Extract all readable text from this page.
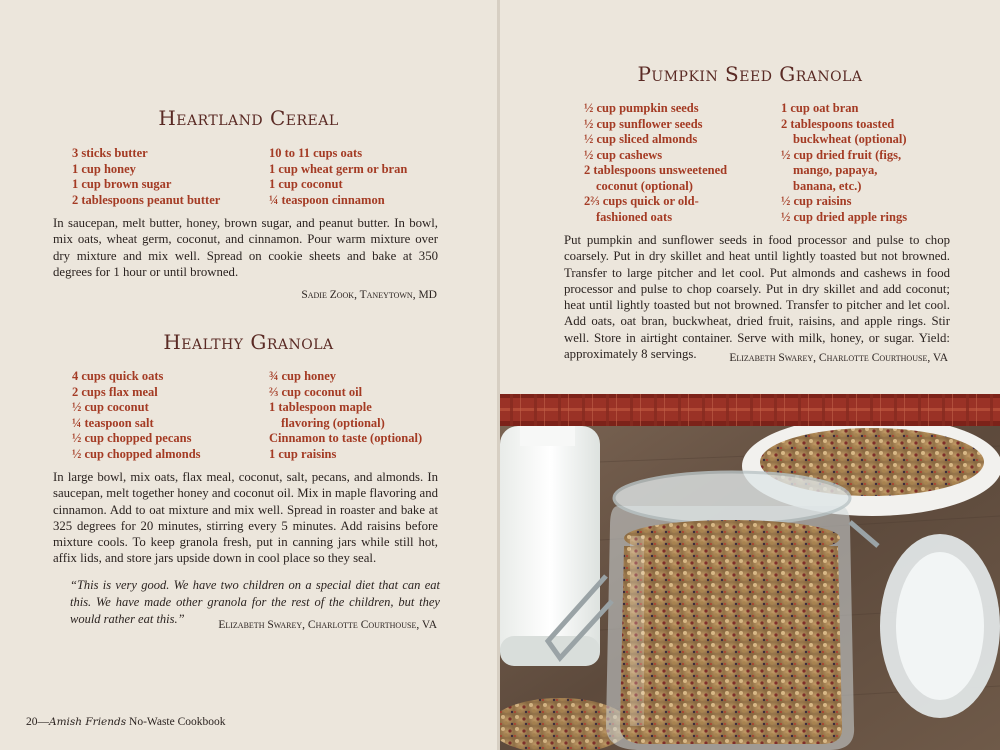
Heartland Cereal
3 sticks butter
1 cup honey
1 cup brown sugar
2 tablespoons peanut butter
10 to 11 cups oats
1 cup wheat germ or bran
1 cup coconut
¼ teaspoon cinnamon

In saucepan, melt butter, honey, brown sugar, and peanut butter. In bowl, mix oats, wheat germ, coconut, and cinnamon. Pour warm mixture over dry mixture and mix well. Spread on cookie sheets and bake at 350 degrees for 1 hour or until browned.

Sadie Zook, Taneytown, MD

Healthy Granola
4 cups quick oats
2 cups flax meal
½ cup coconut
¼ teaspoon salt
½ cup chopped pecans
½ cup chopped almonds
¾ cup honey
⅔ cup coconut oil
1 tablespoon maple
flavoring (optional)
Cinnamon to taste (optional)
1 cup raisins

In large bowl, mix oats, flax meal, coconut, salt, pecans, and almonds. In saucepan, melt together honey and coconut oil. Mix in maple flavoring and cinnamon. Add to oat mixture and mix well. Spread in roaster and bake at 325 degrees for 20 minutes, stirring every 5 minutes. Add raisins before mixture cools. To keep granola fresh, put in canning jars while still hot, affix lids, and store jars upside down in cool place so they seal.

“This is very good. We have two children on a special diet that can eat this. We have made other granola for the rest of the children, but they would rather eat this.”	Elizabeth Swarey, Charlotte Courthouse, VA

20—Amish Friends No-Waste Cookbook

Pumpkin Seed Granola
½ cup pumpkin seeds
½ cup sunflower seeds
½ cup sliced almonds
½ cup cashews
2 tablespoons unsweetened
coconut (optional)
2⅔ cups quick or old-
fashioned oats
1 cup oat bran
2 tablespoons toasted
buckwheat (optional)
½ cup dried fruit (figs,
mango, papaya,
banana, etc.)
½ cup raisins
½ cup dried apple rings

Put pumpkin and sunflower seeds in food processor and pulse to chop coarsely. Put in dry skillet and heat until lightly toasted but not browned. Transfer to large pitcher and let cool. Put almonds and cashews in food processor and pulse to chop coarsely. Put in dry skillet and add coconut; heat until lightly toasted but not browned. Transfer to pitcher and let cool. Add oats, oat bran, buckwheat, dried fruit, raisins, and apple rings. Stir well. Store in airtight container. Serve with milk, honey, or sugar. Yield: approximately 8 servings.	Elizabeth Swarey, Charlotte Courthouse, VA
